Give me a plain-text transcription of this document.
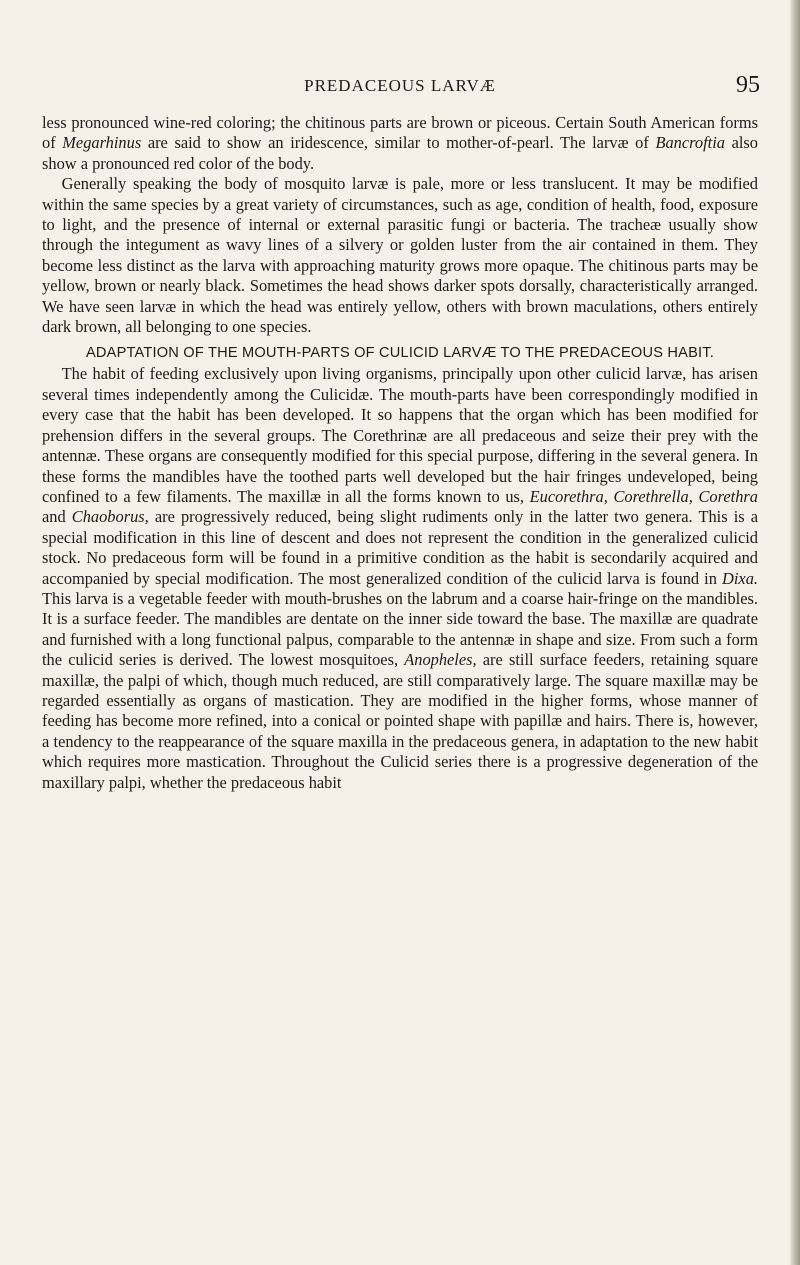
PREDACEOUS LARVÆ	95

less pronounced wine-red coloring; the chitinous parts are brown or piceous. Certain South American forms of Megarhinus are said to show an iridescence, similar to mother-of-pearl. The larvæ of Bancroftia also show a pronounced red color of the body.

Generally speaking the body of mosquito larvæ is pale, more or less translucent. It may be modified within the same species by a great variety of circumstances, such as age, condition of health, food, exposure to light, and the presence of internal or external parasitic fungi or bacteria. The tracheæ usually show through the integument as wavy lines of a silvery or golden luster from the air contained in them. They become less distinct as the larva with approaching maturity grows more opaque. The chitinous parts may be yellow, brown or nearly black. Sometimes the head shows darker spots dorsally, characteristically arranged. We have seen larvæ in which the head was entirely yellow, others with brown maculations, others entirely dark brown, all belonging to one species.

ADAPTATION OF THE MOUTH-PARTS OF CULICID LARVÆ TO THE PREDACEOUS HABIT.

The habit of feeding exclusively upon living organisms, principally upon other culicid larvæ, has arisen several times independently among the Culicidæ. The mouth-parts have been correspondingly modified in every case that the habit has been developed. It so happens that the organ which has been modified for prehension differs in the several groups. The Corethrinæ are all predaceous and seize their prey with the antennæ. These organs are consequently modified for this special purpose, differing in the several genera. In these forms the mandibles have the toothed parts well developed but the hair fringes undeveloped, being confined to a few filaments. The maxillæ in all the forms known to us, Eucorethra, Corethrella, Corethra and Chaoborus, are progressively reduced, being slight rudiments only in the latter two genera. This is a special modification in this line of descent and does not represent the condition in the generalized culicid stock. No predaceous form will be found in a primitive condition as the habit is secondarily acquired and accompanied by special modification. The most generalized condition of the culicid larva is found in Dixa. This larva is a vegetable feeder with mouth-brushes on the labrum and a coarse hair-fringe on the mandibles. It is a surface feeder. The mandibles are dentate on the inner side toward the base. The maxillæ are quadrate and furnished with a long functional palpus, comparable to the antennæ in shape and size. From such a form the culicid series is derived. The lowest mosquitoes, Anopheles, are still surface feeders, retaining square maxillæ, the palpi of which, though much reduced, are still comparatively large. The square maxillæ may be regarded essentially as organs of mastication. They are modified in the higher forms, whose manner of feeding has become more refined, into a conical or pointed shape with papillæ and hairs. There is, however, a tendency to the reappearance of the square maxilla in the predaceous genera, in adaptation to the new habit which requires more mastication. Throughout the Culicid series there is a progressive degeneration of the maxillary palpi, whether the predaceous habit
